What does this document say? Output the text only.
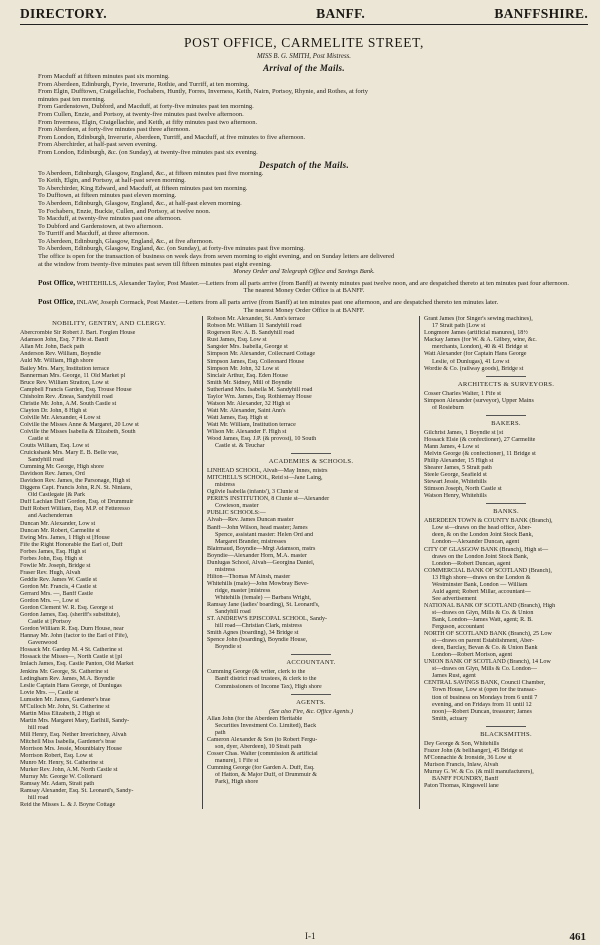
DIRECTORY.	BANFF.	BANFFSHIRE.
POST OFFICE, CARMELITE STREET,
MISS B. G. SMITH, Post Mistress.
Arrival of the Mails.
From Macduff at fifteen minutes past six morning.
From Aberdeen, Edinburgh, Fyvie, Inverurie, Rothie, and Turriff, at ten morning.
From Elgin, Dufftown, Craigellachie, Fochabers, Huntly, Forres, Inverness, Keith, Nairn, Portsoy, Rhynie, and Rothes, at forty
minutes past ten morning.
From Gardenstown, Dubford, and Macduff, at forty-five minutes past ten morning.
From Cullen, Enzie, and Portsoy, at twenty-five minutes past twelve afternoon.
From Inverness, Elgin, Craigellachie, and Keith, at fifty minutes past two afternoon.
From Aberdeen, at forty-five minutes past three afternoon.
From London, Edinburgh, Inverurie, Aberdeen, Turriff, and Macduff, at five minutes to five afternoon.
From Aberchirder, at half-past seven evening.
From London, Edinburgh, &c. (on Sunday), at twenty-five minutes past six evening.
Despatch of the Mails.
To Aberdeen, Edinburgh, Glasgow, England, &c., at fifteen minutes past five morning.
To Keith, Elgin, and Portsoy, at half-past seven morning.
To Aberchirder, King Edward, and Macduff, at fifteen minutes past ten morning.
To Dufftown, at fifteen minutes past eleven morning.
To Aberdeen, Edinburgh, Glasgow, England, &c., at half-past eleven morning.
To Fochabers, Enzie, Buckie, Cullen, and Portsoy, at twelve noon.
To Macduff, at twenty-five minutes past one afternoon.
To Dubford and Gardenstown, at two afternoon.
To Turriff and Macduff, at three afternoon.
To Aberdeen, Edinburgh, Glasgow, England, &c., at five afternoon.
To Aberdeen, Edinburgh, Glasgow, England, &c. (on Sunday), at forty-five minutes past five morning.
The office is open for the transaction of business on week days from seven morning to eight evening, and on Sunday letters are delivered
at the window from twenty-five minutes past seven till fifteen minutes past eight evening.
Money Order and Telegraph Office and Savings Bank.
Post Office, WHITEHILLS, Alexander Taylor, Post Master.—Letters from all parts arrive (from Banff) at twenty minutes past twelve noon, and are despatched thereto at ten minutes past four afternoon.
The nearest Money Order Office is at BANFF.
Post Office, INLAW, Joseph Cormack, Post Master.—Letters from all parts arrive (from Banff) at ten minutes past one afternoon, and are despatched thereto ten minutes later.
The nearest Money Order Office is at BANFF.
NOBILITY, GENTRY, AND CLERGY.
Abercrombie Sir Robert J. Bart. Forglen House
Adamson John, Esq. 7 Fife st. Banff
Allan Mr. John, Back path
Anderson Rev. William, Boyndie
Auld Mr. William, High shore
Bailey Mrs. Mary, Institution terrace
Bannerman Mrs. George, 11 Old Market pl
Bruce Rev. William Stratton, Low st
Campbell Francis Garden, Esq. Trouse House
Chisholm Rev. Æneas, Sandyhill road
Christie Mr. John, A.M. South Castle st
Clayton Dr. John, 8 High st
Colville Mr. Alexander, 4 Low st
Colville the Misses Anne & Margaret, 20 Low st
Colville the Misses Isabella & Elizabeth, South
Castle st
Coutts William, Esq. Low st
Cruickshank Mrs. Mary E. B. Belle vue,
Sandyhill road
Cumming Mr. George, High shore
Davidson Rev. James, Ord
Davidson Rev. James, the Parsonage, High st
Diggens Capt. Francis John, R.N. St. Ninians,
Old Castlegate [& Park
Duff Lachlan Duff Gordon, Esq. of Drummuir
Duff Robert William, Esq. M.P. of Fetteresso
and Auchenderran
Duncan Mr. Alexander, Low st
Duncan Mr. Robert, Carmelite st
Ewing Mrs. James, 1 High st [House
Fife the Right Honorable the Earl of, Duff
Forbes James, Esq. High st
Forbes John, Esq. High st
Fowlie Mr. Joseph, Bridge st
Fraser Rev. Hugh, Alvah
Geddie Rev. James W. Castle st
Gordon Mr. Francis, 4 Castle st
Gerrard Mrs. —, Banff Castle
Gordon Mrs. —, Low st
Gordon Clement W. R. Esq. George st
Gordon James, Esq. (sheriff's substitute),
Castle st [Portsoy
Gordon William R. Esq. Durn House, near
Hannay Mr. John (factor to the Earl of Fife),
Gavenwood
Hossack Mr. Gardep M. 4 St. Catherine st
Hossack the Misses—, North Castle st [pl
Imlach James, Esq. Castle Panton, Old Market
Jenkins Mr. George, St. Catherine st
Ledingham Rev. James, M.A. Boyndie
Leslie Captain Hans George, of Dunlugas
Lovie Mrs. —, Castle st
Lumsden Mr. James, Gardener's brae
M'Culloch Mr. John, St. Catherine st
Martin Miss Elizabeth, 2 High st
Martin Mrs. Margaret Mary, Earlhill, Sandy-
hill road
Mill Henry, Esq. Nether Inverichney, Alvah
Mitchell Miss Isabella, Gardener's brae
Morrison Mrs. Jessie, Mountblairy House
Morrison Robert, Esq. Low st
Munro Mr. Henry, St. Catherine st
Murker Rev. John, A.M. North Castle st
Murray Mr. George W. Collonard
Ramsay Mr. Adam, Strait path
Ramsay Alexander, Esq. St. Leonard's, Sandy-
hill road
Reid the Misses L. & J. Boyne Cottage
Robson Mr. Alexander, St. Ann's terrace
Robson Mr. William 11 Sandyhill road
Rogerson Rev. A. B. Sandyhill road
Rust James, Esq. Low st
Sangster Mrs. Isabella, George st
Simpson Mr. Alexander, Collecnard Cottage
Simpson James, Esq. Colleonard House
Simpson Mr. John, 32 Low st
Sinclair Arthur, Esq. Eden House
Smith Mr. Sidney, Mill of Boyndie
Sutherland Mrs. Isabella M. Sandyhill road
Taylor Wm. James, Esq. Rothiemay House
Watson Mr. Alexander, 32 High st
Watt Mr. Alexander, Saint Ann's
Watt James, Esq. High st
Watt Mr. William, Institution terrace
Wilson Mr. Alexander F. High st
Wood James, Esq. J.P. (& provost), 10 South
Castle st. & Teuchar
ACADEMIES & SCHOOLS.
LINHEAD SCHOOL, Alvah—May Innes, mistrs
MITCHELL'S SCHOOL, Reid st—Jane Laing,
mistress
Ogilvie Isabella (infants'), 3 Clunie st
PERIE'S INSTITUTION, 8 Clunie st—Alexander
Cowieson, master
PUBLIC SCHOOLS:—
Alvah—Rev. James Duncan master
Banff—John Wilson, head master; James
Spence, assistant master: Helen Ord and
Margaret Brander, mistresses
Blairmaud, Boyndie—Mrgt Adamson, mstrs
Boyndie—Alexander Horn, M.A. master
Dunlugas School, Alvah—Georgina Daniel,
mistress
Hilton—Thomas M'Ainsh, master
Whitehills (male)—John Mowbray Beve-
ridge, master [mistress
Whitehills (female) — Barbara Wright,
Ramsay Jane (ladies' boarding), St. Leonard's,
Sandyhill road
ST. ANDREW'S EPISCOPAL SCHOOL, Sandy-
hill road—Christian Clark, mistress
Smith Agnes (boarding), 34 Bridge st
Spence John (boarding), Boyndie House,
Boyndie st
ACCOUNTANT.
Cumming George (& writer, clerk to the
Banff district road trustees, & clerk to the
Commissioners of Income Tax), High shore
AGENTS.
(See also Fire, &c. Office Agents.)
Allan John (for the Aberdeen Heritable
Securities Investment Co. Limited), Back
path
Cameron Alexander & Son (to Robert Fergu-
son, dyer, Aberdeen), 10 Strait path
Cosser Chas. Walter (commission & artificial
manure), 1 Fife st
Cumming George (for Garden A. Duff, Esq.
of Hatton, & Major Duff, of Drummuir &
Park), High shore
Grant James (for Singer's sewing machines),
17 Strait path [Low st
Longmore James (artificial manures), 18½
Mackay James (for W. & A. Gilbey, wine, &c.
merchants, London), 40 & 41 Bridge st
Watt Alexander (for Captain Hans George
Leslie, of Dunlugas), 41 Low st
Wordie & Co. (railway goods), Bridge st
ARCHITECTS & SURVEYORS.
Cosser Charles Walter, 1 Fife st
Simpson Alexander (surveyor), Upper Mains
of Rosieburn
BAKERS.
Gilchrist James, 1 Boyndie st [st
Hossack Elsie (& confectioner), 27 Carmelite
Mann James, 4 Low st
Melvin George (& confectioner), 11 Bridge st
Philip Alexander, 15 High st
Shearer James, 5 Strait path
Steele George, Seafield st
Stewart Jessie, Whitehills
Stimson Joseph, North Castle st
Watson Henry, Whitehills
BANKS.
ABERDEEN TOWN & COUNTY BANK (Branch),
Low st—draws on the head office, Aber-
deen, & on the London Joint Stock Bank,
London—Alexander Duncan, agent
CITY OF GLASGOW BANK (Branch), High st—
draws on the London Joint Stock Bank,
London—Robert Duncan, agent
COMMERCIAL BANK OF SCOTLAND (Branch),
13 High shore—draws on the London &
Westminster Bank, London — William
Auld agent; Robert Millar, accountant—
See advertisement
NATIONAL BANK OF SCOTLAND (Branch), High
st—draws on Glyn, Mills & Co. & Union
Bank, London—James Watt, agent; R. B.
Ferguson, accountant
NORTH OF SCOTLAND BANK (Branch), 25 Low
st—draws on parent Establishment, Aber-
deen, Barclay, Bevan & Co. & Union Bank
London—Robert Morison, agent
UNION BANK OF SCOTLAND (Branch), 14 Low
st—draws on Glyn, Mills & Co. London—
James Rust, agent
CENTRAL SAVINGS BANK, Council Chamber,
Town House, Low st (open for the transac-
tion of business on Mondays from 6 until 7
evening, and on Fridays from 11 until 12
noon)—Robert Duncan, treasurer; James
Smith, actuary
BLACKSMITHS.
Dey George & Son, Whitehills
Frazer John (& bellhanger), 45 Bridge st
M'Connachie & Ironside, 36 Low st
Murison Francis, Inlaw, Alvah
Murray G. W. & Co. (& mill manufacturers),
BANFF FOUNDRY, Banff
Paton Thomas, Kingswell lane
I-1	461
